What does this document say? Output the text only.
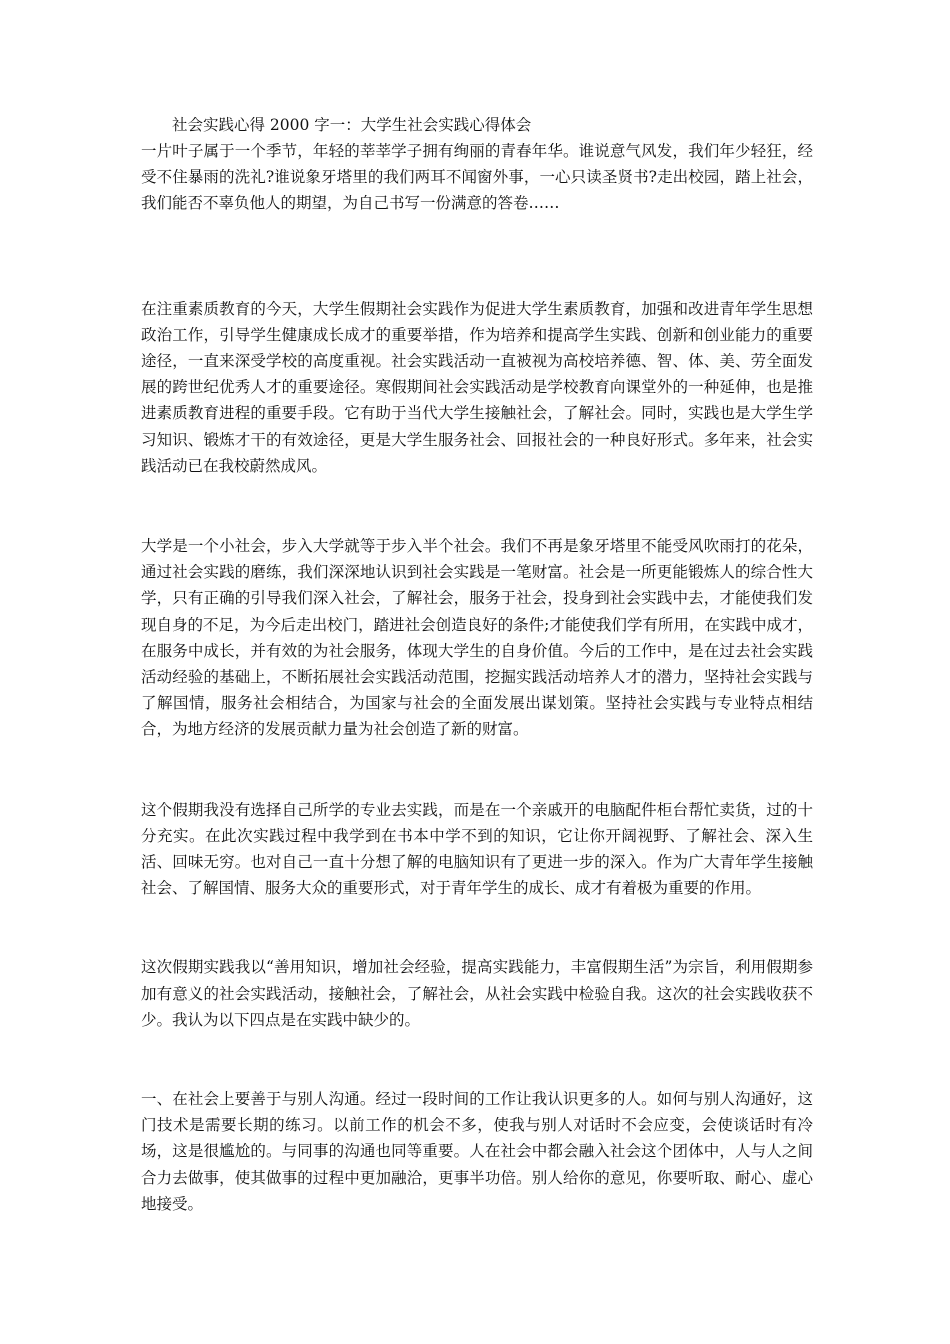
社会实践心得 2000 字一：大学生社会实践心得体会

一片叶子属于一个季节，年轻的莘莘学子拥有绚丽的青春年华。谁说意气风发，我们年少轻狂，经受不住暴雨的洗礼?谁说象牙塔里的我们两耳不闻窗外事，一心只读圣贤书?走出校园，踏上社会，我们能否不辜负他人的期望，为自己书写一份满意的答卷……

在注重素质教育的今天，大学生假期社会实践作为促进大学生素质教育，加强和改进青年学生思想政治工作，引导学生健康成长成才的重要举措，作为培养和提高学生实践、创新和创业能力的重要途径，一直来深受学校的高度重视。社会实践活动一直被视为高校培养德、智、体、美、劳全面发展的跨世纪优秀人才的重要途径。寒假期间社会实践活动是学校教育向课堂外的一种延伸，也是推进素质教育进程的重要手段。它有助于当代大学生接触社会，了解社会。同时，实践也是大学生学习知识、锻炼才干的有效途径，更是大学生服务社会、回报社会的一种良好形式。多年来，社会实践活动已在我校蔚然成风。

大学是一个小社会，步入大学就等于步入半个社会。我们不再是象牙塔里不能受风吹雨打的花朵，通过社会实践的磨练，我们深深地认识到社会实践是一笔财富。社会是一所更能锻炼人的综合性大学，只有正确的引导我们深入社会，了解社会，服务于社会，投身到社会实践中去，才能使我们发现自身的不足，为今后走出校门，踏进社会创造良好的条件;才能使我们学有所用，在实践中成才，在服务中成长，并有效的为社会服务，体现大学生的自身价值。今后的工作中，是在过去社会实践活动经验的基础上，不断拓展社会实践活动范围，挖掘实践活动培养人才的潜力，坚持社会实践与了解国情，服务社会相结合，为国家与社会的全面发展出谋划策。坚持社会实践与专业特点相结合，为地方经济的发展贡献力量为社会创造了新的财富。

这个假期我没有选择自己所学的专业去实践，而是在一个亲戚开的电脑配件柜台帮忙卖货，过的十分充实。在此次实践过程中我学到在书本中学不到的知识，它让你开阔视野、了解社会、深入生活、回味无穷。也对自己一直十分想了解的电脑知识有了更进一步的深入。作为广大青年学生接触社会、了解国情、服务大众的重要形式，对于青年学生的成长、成才有着极为重要的作用。

这次假期实践我以“善用知识，增加社会经验，提高实践能力，丰富假期生活”为宗旨，利用假期参加有意义的社会实践活动，接触社会，了解社会，从社会实践中检验自我。这次的社会实践收获不少。我认为以下四点是在实践中缺少的。

一、在社会上要善于与别人沟通。经过一段时间的工作让我认识更多的人。如何与别人沟通好，这门技术是需要长期的练习。以前工作的机会不多，使我与别人对话时不会应变，会使谈话时有冷场，这是很尴尬的。与同事的沟通也同等重要。人在社会中都会融入社会这个团体中，人与人之间合力去做事，使其做事的过程中更加融洽，更事半功倍。别人给你的意见，你要听取、耐心、虚心地接受。
